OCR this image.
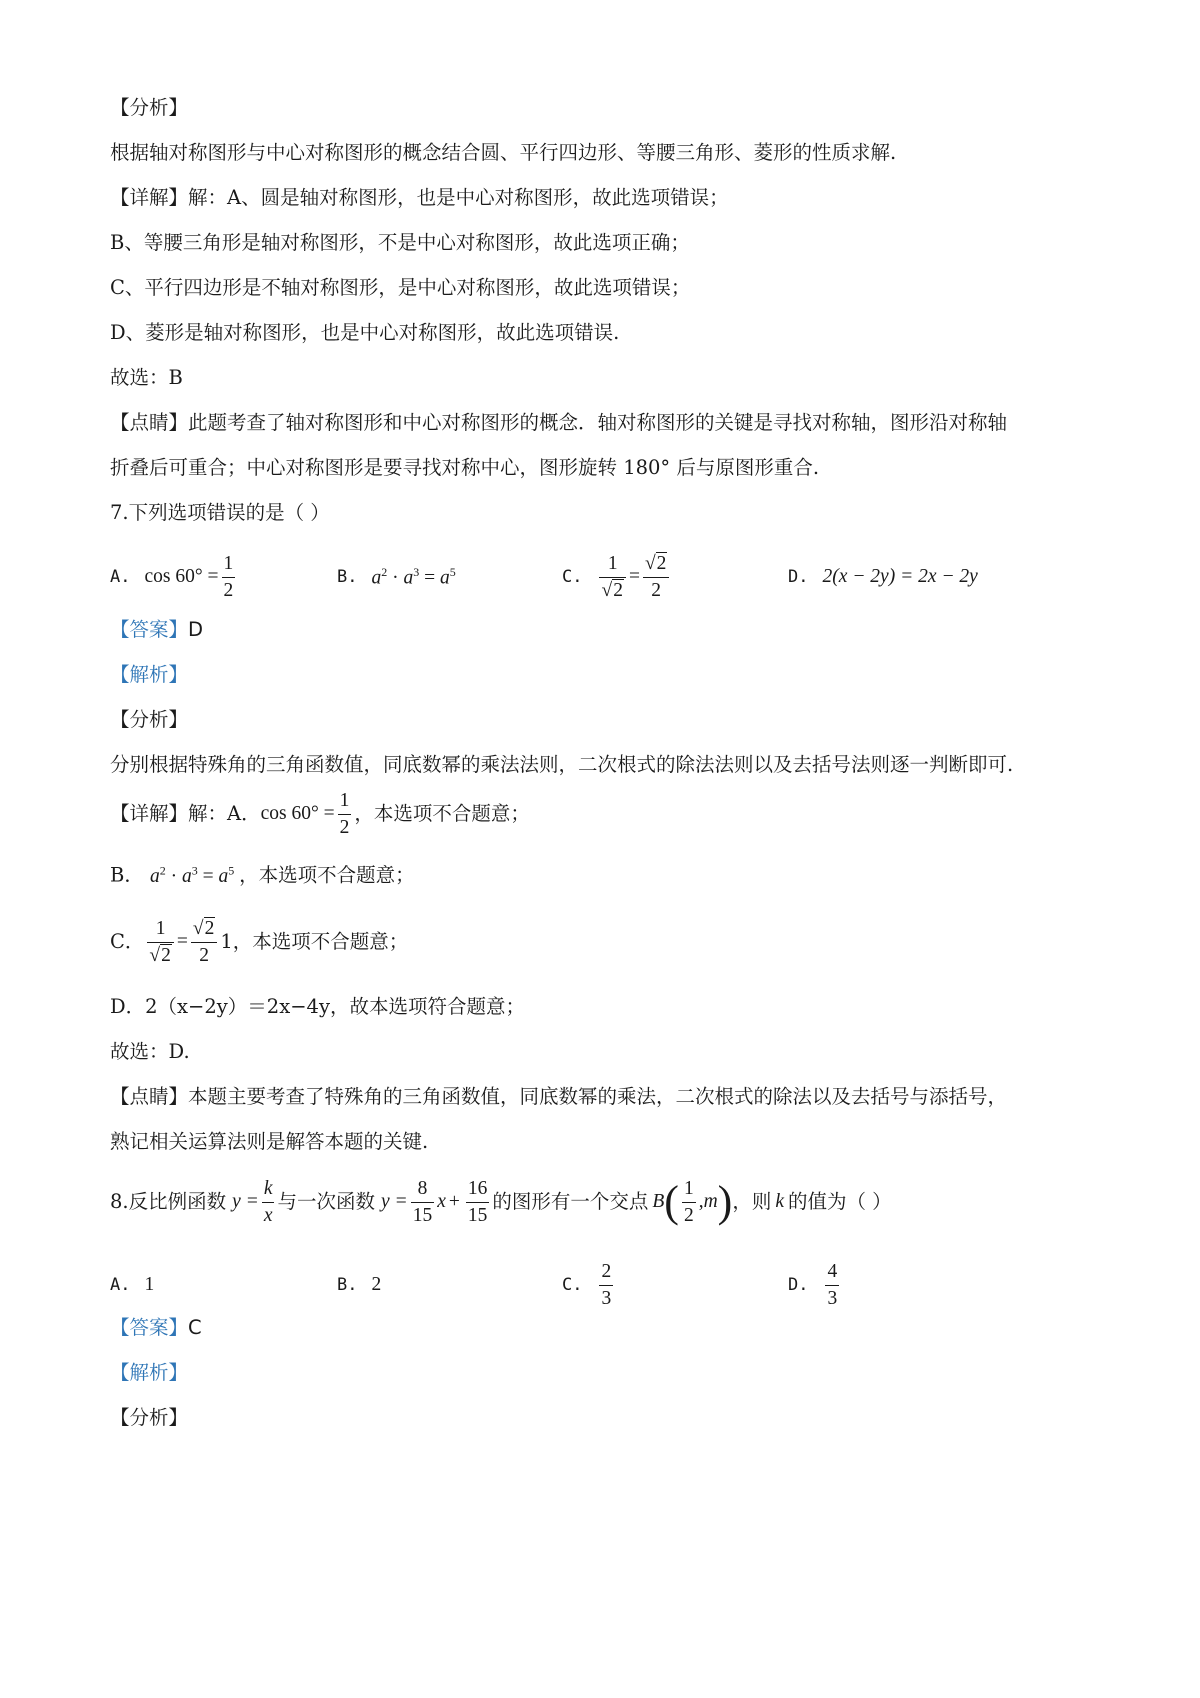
【分析】
根据轴对称图形与中心对称图形的概念结合圆、平行四边形、等腰三角形、菱形的性质求解.
【详解】解：A、圆是轴对称图形，也是中心对称图形，故此选项错误；
B、等腰三角形是轴对称图形，不是中心对称图形，故此选项正确；
C、平行四边形是不轴对称图形，是中心对称图形，故此选项错误；
D、菱形是轴对称图形，也是中心对称图形，故此选项错误.
故选：B
【点睛】此题考查了轴对称图形和中心对称图形的概念．轴对称图形的关键是寻找对称轴，图形沿对称轴
折叠后可重合；中心对称图形是要寻找对称中心，图形旋转 180° 后与原图形重合.
7.下列选项错误的是（ ）
A. $\cos 60^\circ = \frac{1}{2}$	B. $a^2 \cdot a^3 = a^5$	C. $\frac{1}{√2} = \frac{√2}{2}$	D. 2(x − 2y) = 2x − 2y
【答案】D
【解析】
【分析】
分别根据特殊角的三角函数值，同底数幂的乘法法则，二次根式的除法法则以及去括号法则逐一判断即可.
【详解】解：A． $\cos 60^\circ = \frac{1}{2}$ ，本选项不合题意；
B． $a^2 \cdot a^3 = a^5$ ，本选项不合题意；
C． $\frac{1}{√2} = \frac{√2}{2} 1$，本选项不合题意；
D．2（x−2y）＝2x−4y，故本选项符合题意；
故选：D.
【点睛】本题主要考查了特殊角的三角函数值，同底数幂的乘法，二次根式的除法以及去括号与添括号，
熟记相关运算法则是解答本题的关键.
8.反比例函数 $y = \frac{k}{x}$ 与一次函数 $y = \frac{8}{15}$ $x + \frac{16}{15}$ 的图形有一个交点 B ( $\frac{1}{2}$ , m ) ，则 k 的值为（ ）
A. 1	B. 2	C. $\frac{2}{3}$	D. $\frac{4}{3}$
【答案】C
【解析】
【分析】
